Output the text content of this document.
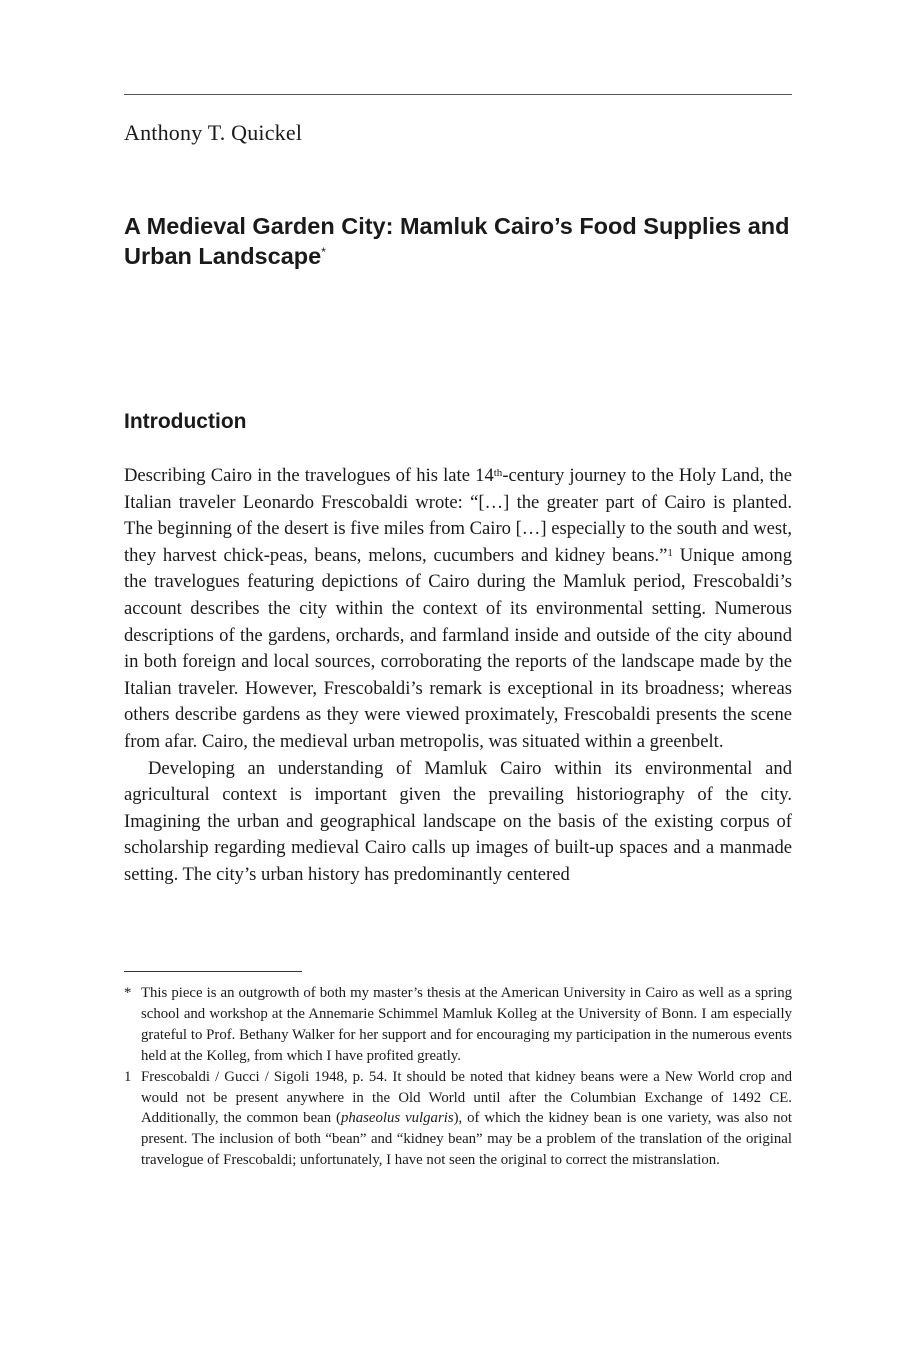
Anthony T. Quickel
A Medieval Garden City: Mamluk Cairo’s Food Supplies and Urban Landscape*
Introduction

Describing Cairo in the travelogues of his late 14th-century journey to the Holy Land, the Italian traveler Leonardo Frescobaldi wrote: “[…] the greater part of Cairo is planted. The beginning of the desert is five miles from Cairo […] especially to the south and west, they harvest chick-peas, beans, melons, cucumbers and kidney beans.”$^1$ Unique among the travelogues featuring depictions of Cairo during the Mamluk period, Frescobaldi’s account describes the city within the context of its environmental setting. Numerous descriptions of the gardens, orchards, and farmland inside and outside of the city abound in both foreign and local sources, corroborating the reports of the landscape made by the Italian traveler. However, Frescobaldi’s remark is exceptional in its broadness; whereas others describe gardens as they were viewed proximately, Frescobaldi presents the scene from afar. Cairo, the medieval urban metropolis, was situated within a greenbelt.

Developing an understanding of Mamluk Cairo within its environmental and agricultural context is important given the prevailing historiography of the city. Imagining the urban and geographical landscape on the basis of the existing corpus of scholarship regarding medieval Cairo calls up images of built-up spaces and a manmade setting. The city’s urban history has predominantly centered

* This piece is an outgrowth of both my master’s thesis at the American University in Cairo as well as a spring school and workshop at the Annemarie Schimmel Mamluk Kolleg at the University of Bonn. I am especially grateful to Prof. Bethany Walker for her support and for encouraging my participation in the numerous events held at the Kolleg, from which I have profited greatly.
1 Frescobaldi / Gucci / Sigoli 1948, p. 54. It should be noted that kidney beans were a New World crop and would not be present anywhere in the Old World until after the Columbian Exchange of 1492 CE. Additionally, the common bean (phaseolus vulgaris), of which the kidney bean is one variety, was also not present. The inclusion of both “bean” and “kidney bean” may be a problem of the translation of the original travelogue of Frescobaldi; unfortunately, I have not seen the original to correct the mistranslation.
